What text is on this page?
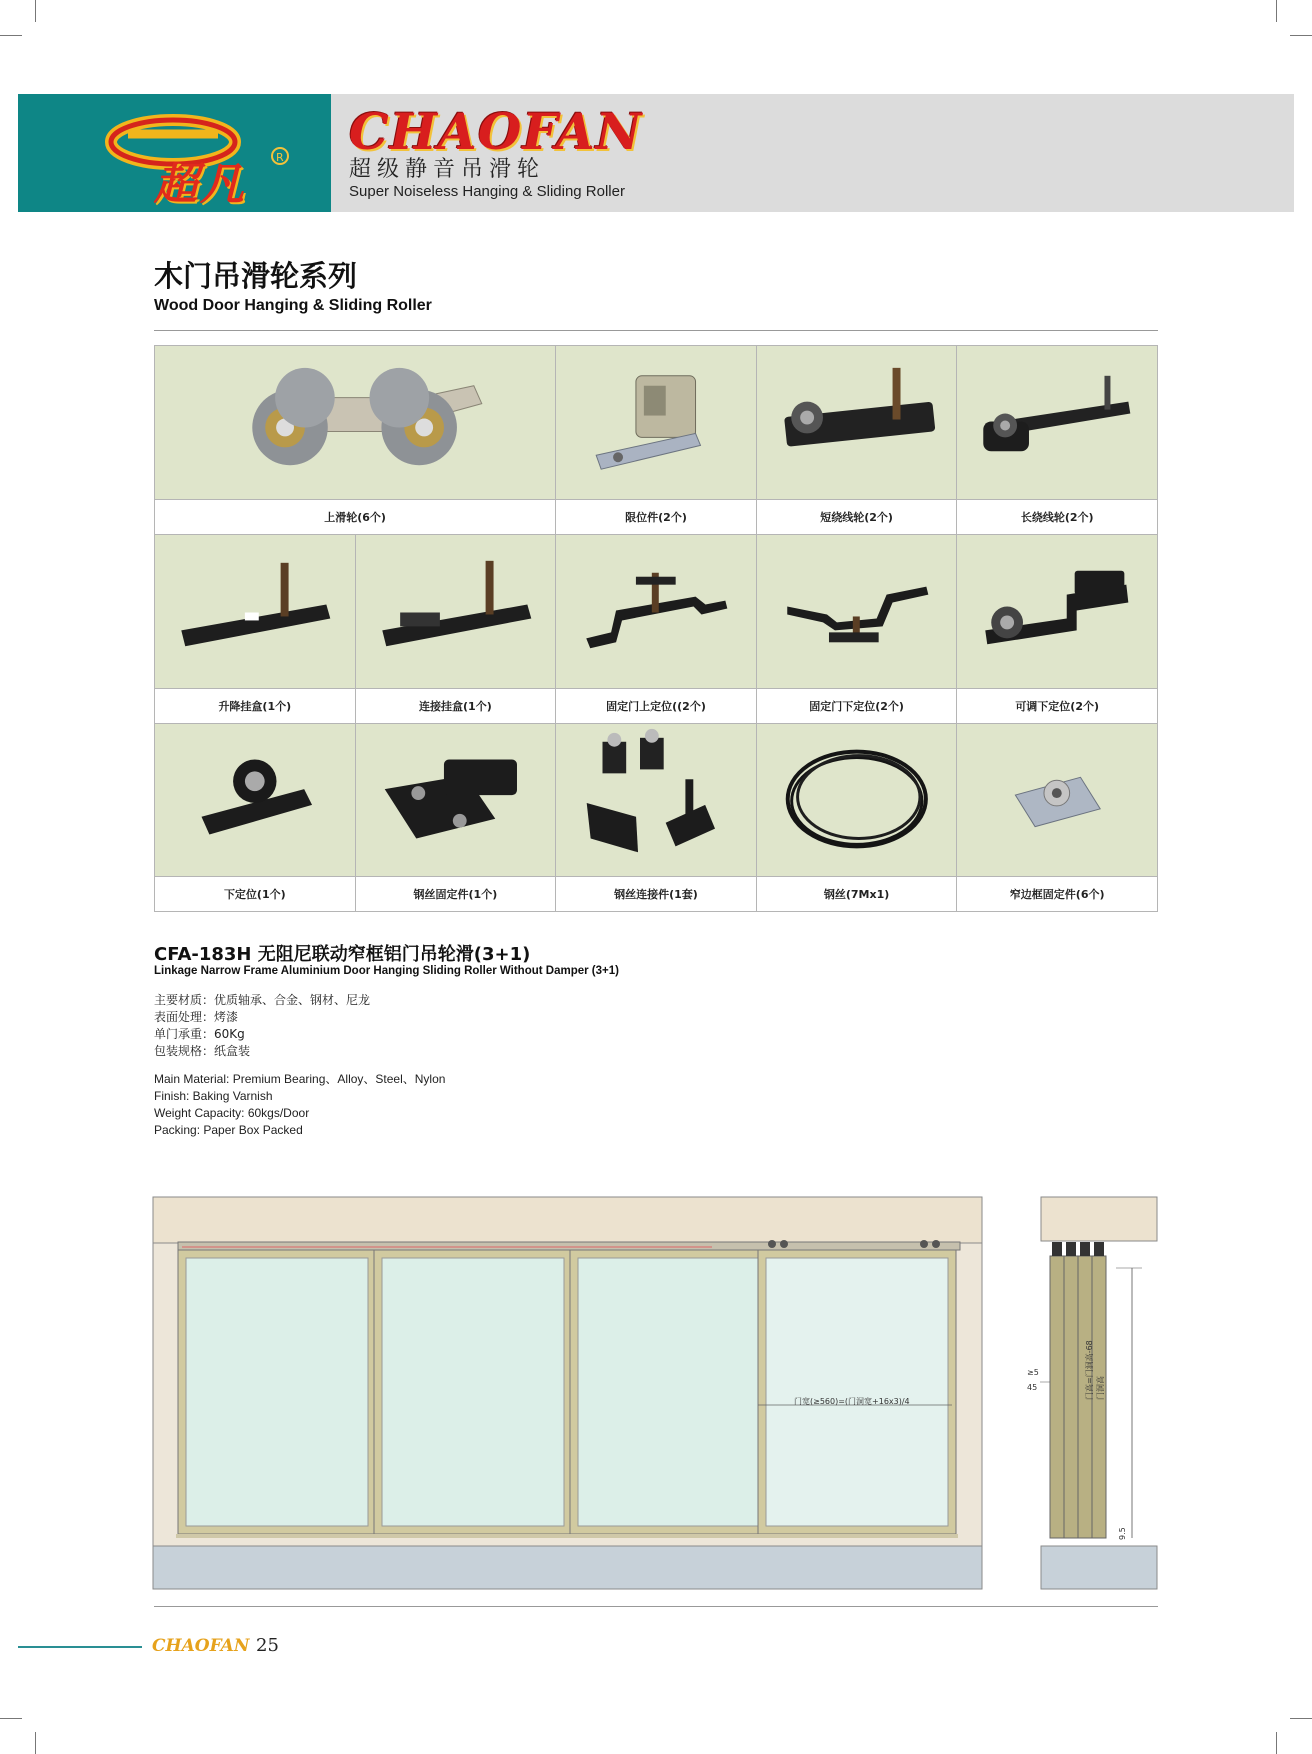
R
超凡
CHAOFAN
超级静音吊滑轮
Super Noiseless Hanging & Sliding Roller
木门吊滑轮系列
Wood Door Hanging & Sliding Roller
上滑轮(6个)	限位件(2个)	短绕线轮(2个)	长绕线轮(2个)
升降挂盒(1个)	连接挂盒(1个)	固定门上定位((2个)	固定门下定位(2个)	可调下定位(2个)
下定位(1个)	钢丝固定件(1个)	钢丝连接件(1套)	钢丝(7Mx1)	窄边框固定件(6个)
CFA-183H 无阻尼联动窄框铝门吊轮滑(3+1)
Linkage Narrow Frame Aluminium Door Hanging Sliding Roller Without Damper (3+1)
主要材质：优质轴承、合金、钢材、尼龙
表面处理：烤漆
单门承重：60Kg
包装规格：纸盒装
Main Material: Premium Bearing、Alloy、Steel、Nylon
Finish: Baking Varnish
Weight Capacity: 60kgs/Door
Packing: Paper Box Packed
门宽(≥560)=(门洞宽+16x3)/4
≥5
45	门高=门洞高-68 门洞高
9.5
CHAOFAN 25
